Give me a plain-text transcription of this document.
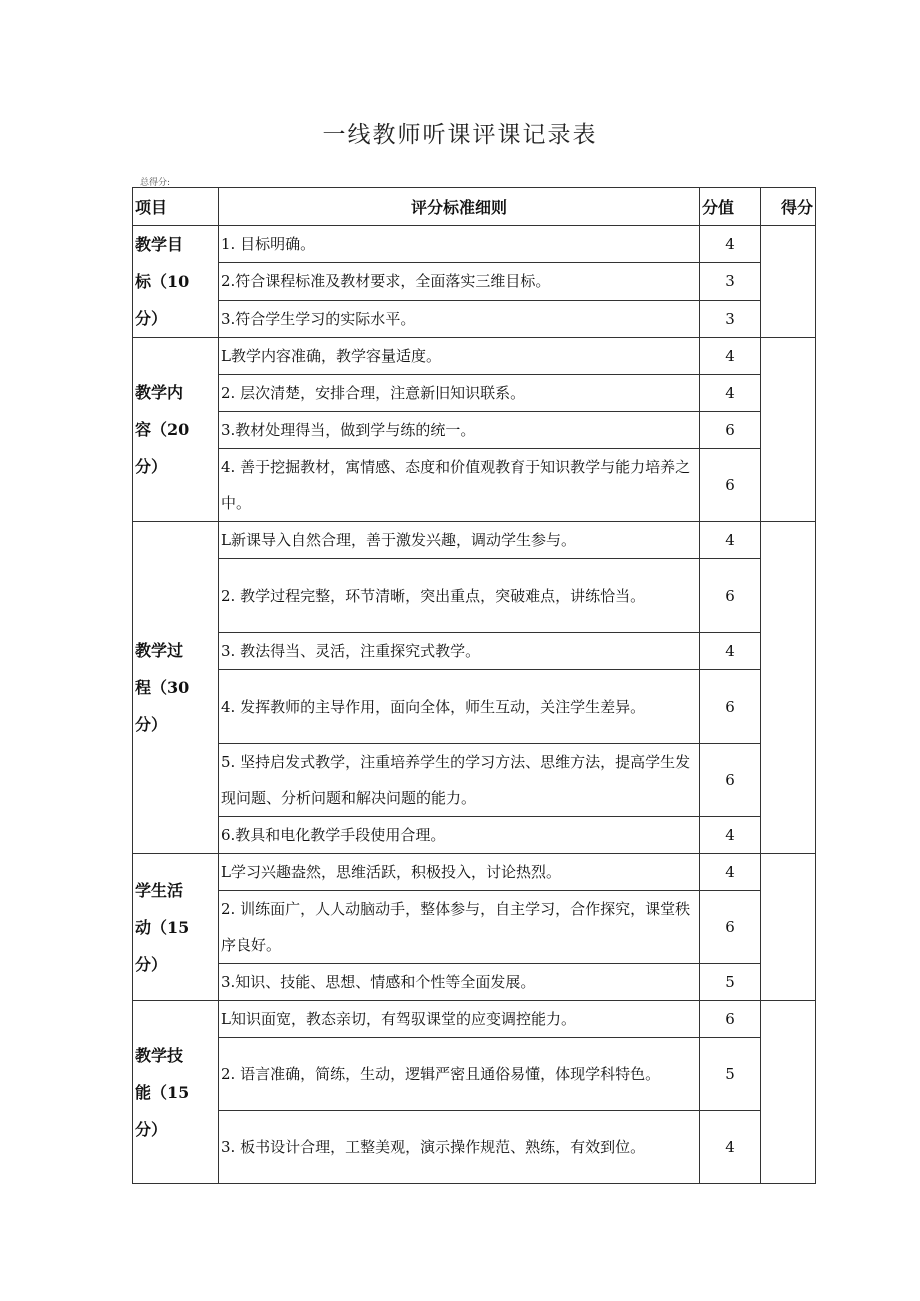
一线教师听课评课记录表
总得分:
项目	评分标准细则	分值	得分

教学目
标（10
分）	1. 目标明确。	4	
	2.符合课程标准及教材要求，全面落实三维目标。	3	
	3.符合学生学习的实际水平。	3	

教学内
容（20
分）	L教学内容准确，教学容量适度。	4	
	2. 层次清楚，安排合理，注意新旧知识联系。	4	
	3.教材处理得当，做到学与练的统一。	6	
	4. 善于挖掘教材，寓情感、态度和价值观教育于知识教学与能力培养之中。	6	

教学过
程（30
分）	L新课导入自然合理，善于激发兴趣，调动学生参与。	4	
	2. 教学过程完整，环节清晰，突出重点，突破难点，讲练恰当。	6	
	3. 教法得当、灵活，注重探究式教学。	4	
	4. 发挥教师的主导作用，面向全体，师生互动，关注学生差异。	6	
	5. 坚持启发式教学，注重培养学生的学习方法、思维方法，提高学生发现问题、分析问题和解决问题的能力。	6	
	6.教具和电化教学手段使用合理。	4	

学生活
动（15
分）	L学习兴趣盎然，思维活跃，积极投入，讨论热烈。	4	
	2. 训练面广，人人动脑动手，整体参与，自主学习，合作探究，课堂秩序良好。	6	
	3.知识、技能、思想、情感和个性等全面发展。	5	

教学技
能（15
分）	L知识面宽，教态亲切，有驾驭课堂的应变调控能力。	6	
	2. 语言准确，简练，生动，逻辑严密且通俗易懂，体现学科特色。	5	
	3. 板书设计合理，工整美观，演示操作规范、熟练，有效到位。	4	
